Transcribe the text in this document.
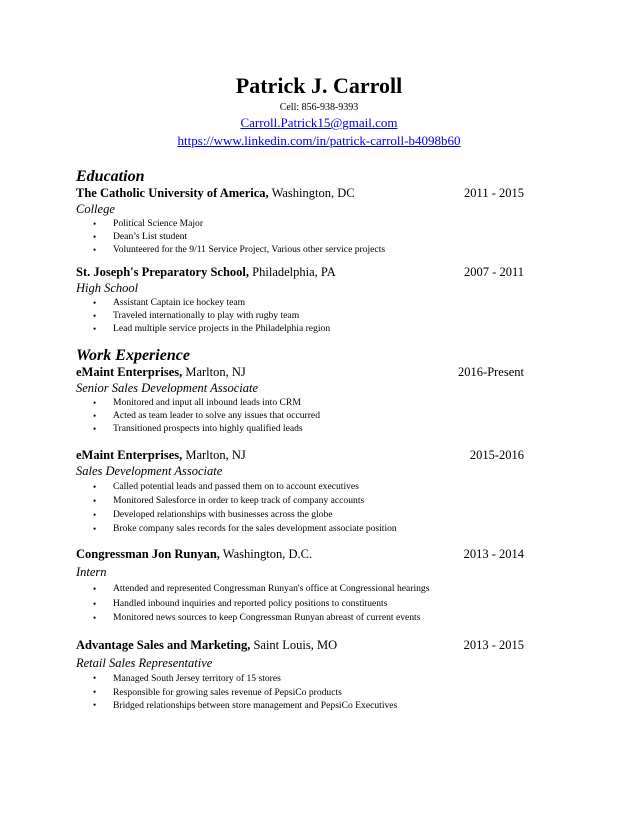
Patrick J. Carroll
Cell: 856-938-9393
Carroll.Patrick15@gmail.com
https://www.linkedin.com/in/patrick-carroll-b4098b60
Education
The Catholic University of America, Washington, DC	2011 - 2015
College
• Political Science Major
• Dean’s List student
• Volunteered for the 9/11 Service Project, Various other service projects
St. Joseph's Preparatory School, Philadelphia, PA	2007 - 2011
High School
• Assistant Captain ice hockey team
• Traveled internationally to play with rugby team
• Lead multiple service projects in the Philadelphia region
Work Experience
eMaint Enterprises, Marlton, NJ	2016-Present
Senior Sales Development Associate
• Monitored and input all inbound leads into CRM
• Acted as team leader to solve any issues that occurred
• Transitioned prospects into highly qualified leads
eMaint Enterprises, Marlton, NJ	2015-2016
Sales Development Associate
• Called potential leads and passed them on to account executives
• Monitored Salesforce in order to keep track of company accounts
• Developed relationships with businesses across the globe
• Broke company sales records for the sales development associate position
Congressman Jon Runyan, Washington, D.C.	2013 - 2014
Intern
• Attended and represented Congressman Runyan's office at Congressional hearings
• Handled inbound inquiries and reported policy positions to constituents
• Monitored news sources to keep Congressman Runyan abreast of current events
Advantage Sales and Marketing, Saint Louis, MO	2013 - 2015
Retail Sales Representative
• Managed South Jersey territory of 15 stores
• Responsible for growing sales revenue of PepsiCo products
• Bridged relationships between store management and PepsiCo Executives
